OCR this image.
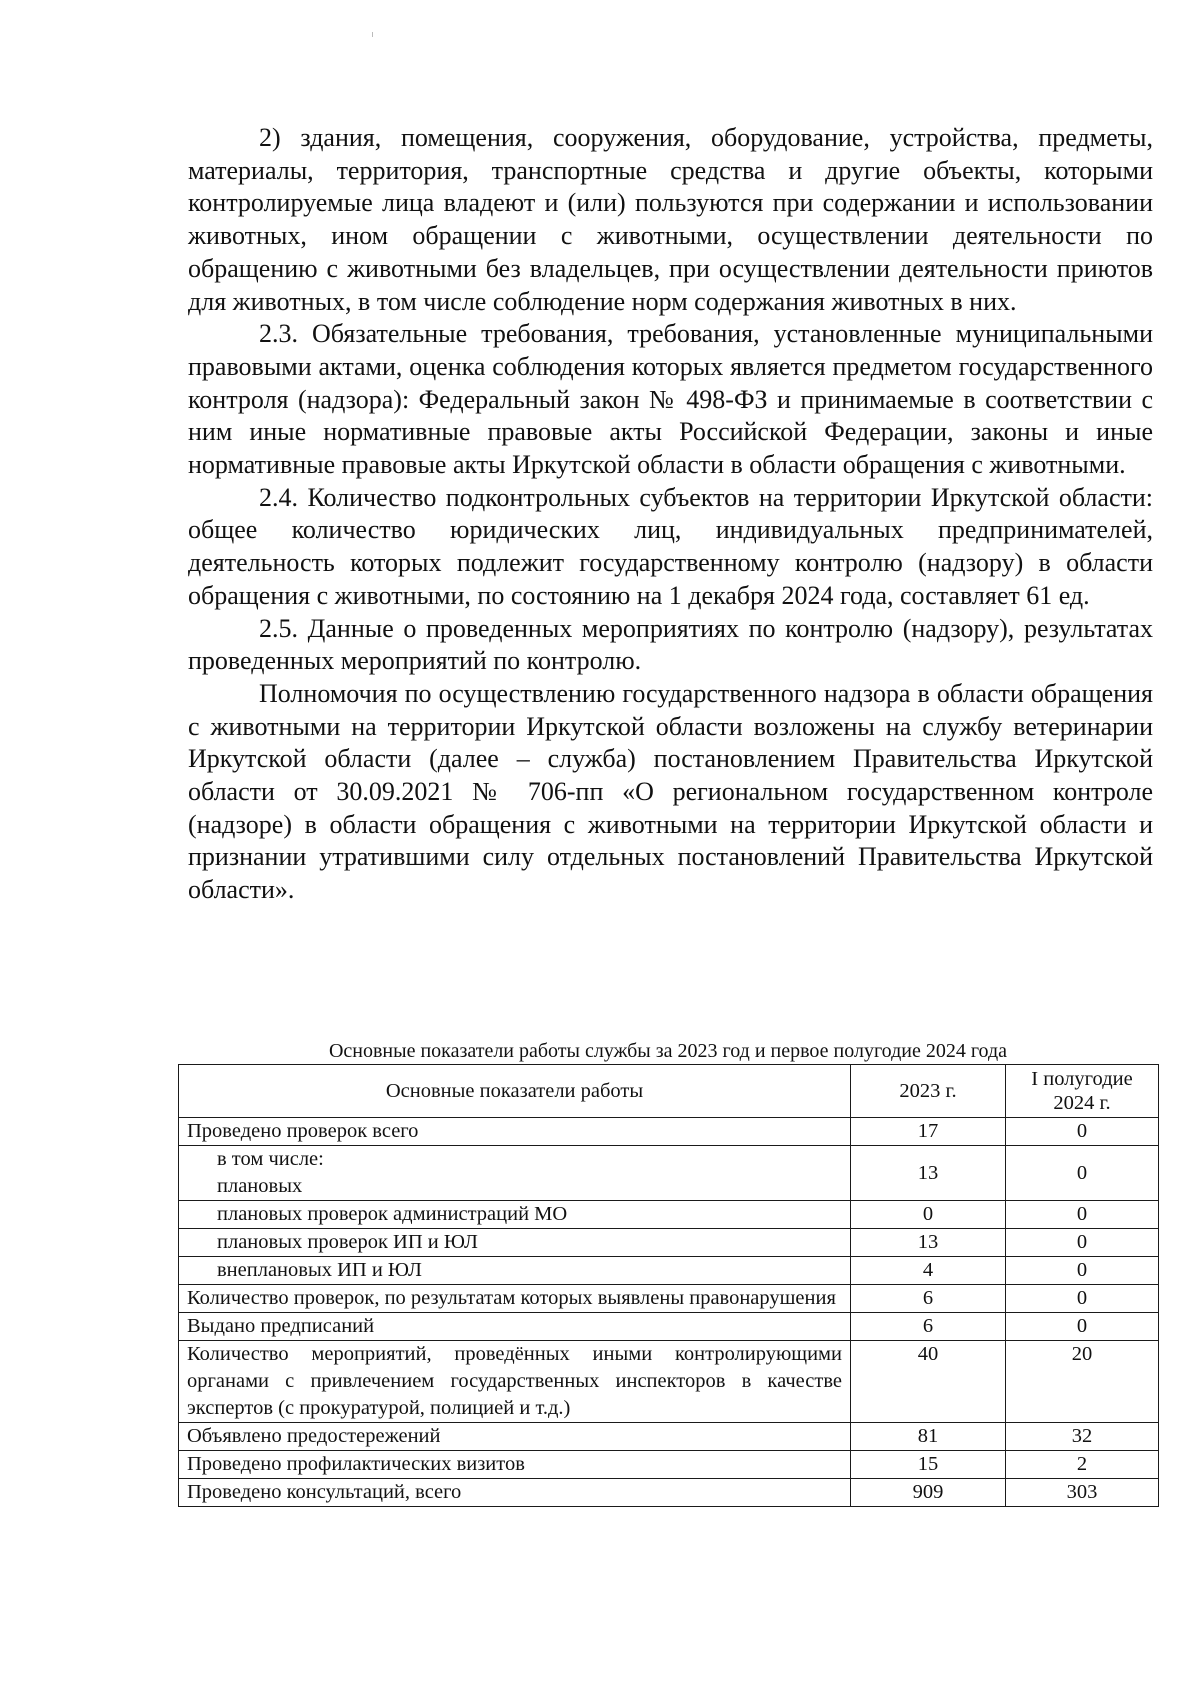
2) здания, помещения, сооружения, оборудование, устройства, предметы, материалы, территория, транспортные средства и другие объекты, которыми контролируемые лица владеют и (или) пользуются при содержании и использовании животных, ином обращении с животными, осуществлении деятельности по обращению с животными без владельцев, при осуществлении деятельности приютов для животных, в том числе соблюдение норм содержания животных в них.

2.3. Обязательные требования, требования, установленные муниципальными правовыми актами, оценка соблюдения которых является предметом государственного контроля (надзора): Федеральный закон № 498-ФЗ и принимаемые в соответствии с ним иные нормативные правовые акты Российской Федерации, законы и иные нормативные правовые акты Иркутской области в области обращения с животными.

2.4. Количество подконтрольных субъектов на территории Иркутской области: общее количество юридических лиц, индивидуальных предпринимателей, деятельность которых подлежит государственному контролю (надзору) в области обращения с животными, по состоянию на 1 декабря 2024 года, составляет 61 ед.

2.5. Данные о проведенных мероприятиях по контролю (надзору), результатах проведенных мероприятий по контролю.

Полномочия по осуществлению государственного надзора в области обращения с животными на территории Иркутской области возложены на службу ветеринарии Иркутской области (далее – служба) постановлением Правительства Иркутской области от 30.09.2021 № 706-пп «О региональном государственном контроле (надзоре) в области обращения с животными на территории Иркутской области и признании утратившими силу отдельных постановлений Правительства Иркутской области».

Основные показатели работы службы за 2023 год и первое полугодие 2024 года
Основные показатели работы	2023 г.	I полугодие
2024 г.
Проведено проверок всего	17	0
в том числе:
плановых	13	0
плановых проверок администраций МО	0	0
плановых проверок ИП и ЮЛ	13	0
внеплановых ИП и ЮЛ	4	0
Количество проверок, по результатам которых выявлены правонарушения	6	0
Выдано предписаний	6	0
Количество мероприятий, проведённых иными контролирующими органами с привлечением государственных инспекторов в качестве экспертов (с прокуратурой, полицией и т.д.)	40	20
Объявлено предостережений	81	32
Проведено профилактических визитов	15	2
Проведено консультаций, всего	909	303
